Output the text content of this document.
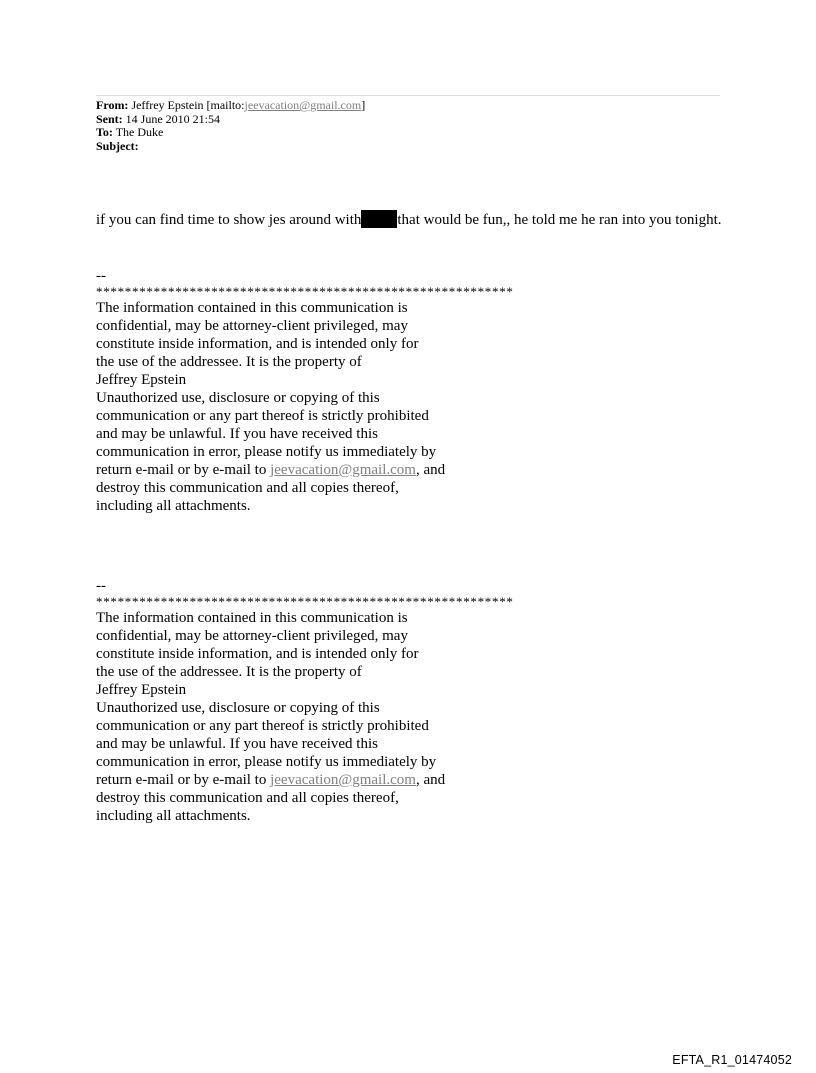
From: Jeffrey Epstein [mailto:jeevacation@gmail.com]
Sent: 14 June 2010 21:54
To: The Duke
Subject:
if you can find time to show jes around with that would be fun,, he told me he ran into you tonight.
--
**********************************************************
The information contained in this communication is
confidential, may be attorney-client privileged, may
constitute inside information, and is intended only for
the use of the addressee. It is the property of
Jeffrey Epstein
Unauthorized use, disclosure or copying of this
communication or any part thereof is strictly prohibited
and may be unlawful. If you have received this
communication in error, please notify us immediately by
return e-mail or by e-mail to jeevacation@gmail.com, and
destroy this communication and all copies thereof,
including all attachments.
--
**********************************************************
The information contained in this communication is
confidential, may be attorney-client privileged, may
constitute inside information, and is intended only for
the use of the addressee. It is the property of
Jeffrey Epstein
Unauthorized use, disclosure or copying of this
communication or any part thereof is strictly prohibited
and may be unlawful. If you have received this
communication in error, please notify us immediately by
return e-mail or by e-mail to jeevacation@gmail.com, and
destroy this communication and all copies thereof,
including all attachments.
EFTA_R1_01474052
